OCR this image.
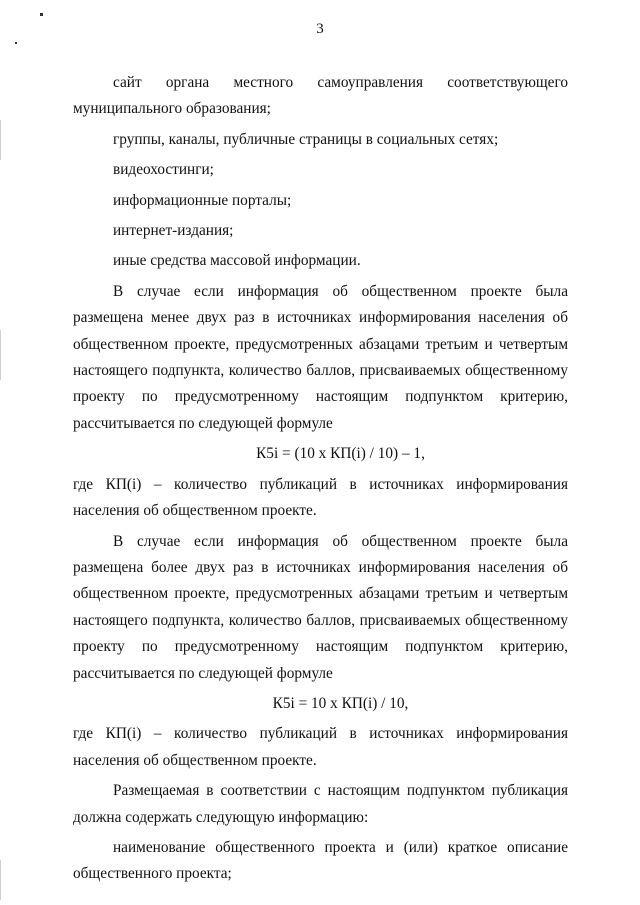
3

сайт органа местного самоуправления соответствующего

муниципального образования;

группы, каналы, публичные страницы в социальных сетях;

видеохостинги;

информационные порталы;

интернет-издания;

иные средства массовой информации.

В случае если информация об общественном проекте была размещена менее двух раз в источниках информирования населения об общественном проекте, предусмотренных абзацами третьим и четвертым настоящего подпункта, количество баллов, присваиваемых общественному проекту по предусмотренному настоящим подпунктом критерию, рассчитывается по следующей формуле

К5i = (10 х КП(i) / 10) – 1,

где КП(i) – количество публикаций в источниках информирования населения об общественном проекте.

В случае если информация об общественном проекте была размещена более двух раз в источниках информирования населения об общественном проекте, предусмотренных абзацами третьим и четвертым настоящего подпункта, количество баллов, присваиваемых общественному проекту по предусмотренному настоящим подпунктом критерию, рассчитывается по следующей формуле

К5i = 10 х КП(i) / 10,

где КП(i) – количество публикаций в источниках информирования населения об общественном проекте.

Размещаемая в соответствии с настоящим подпунктом публикация должна содержать следующую информацию:

наименование общественного проекта и (или) краткое описание общественного проекта;
